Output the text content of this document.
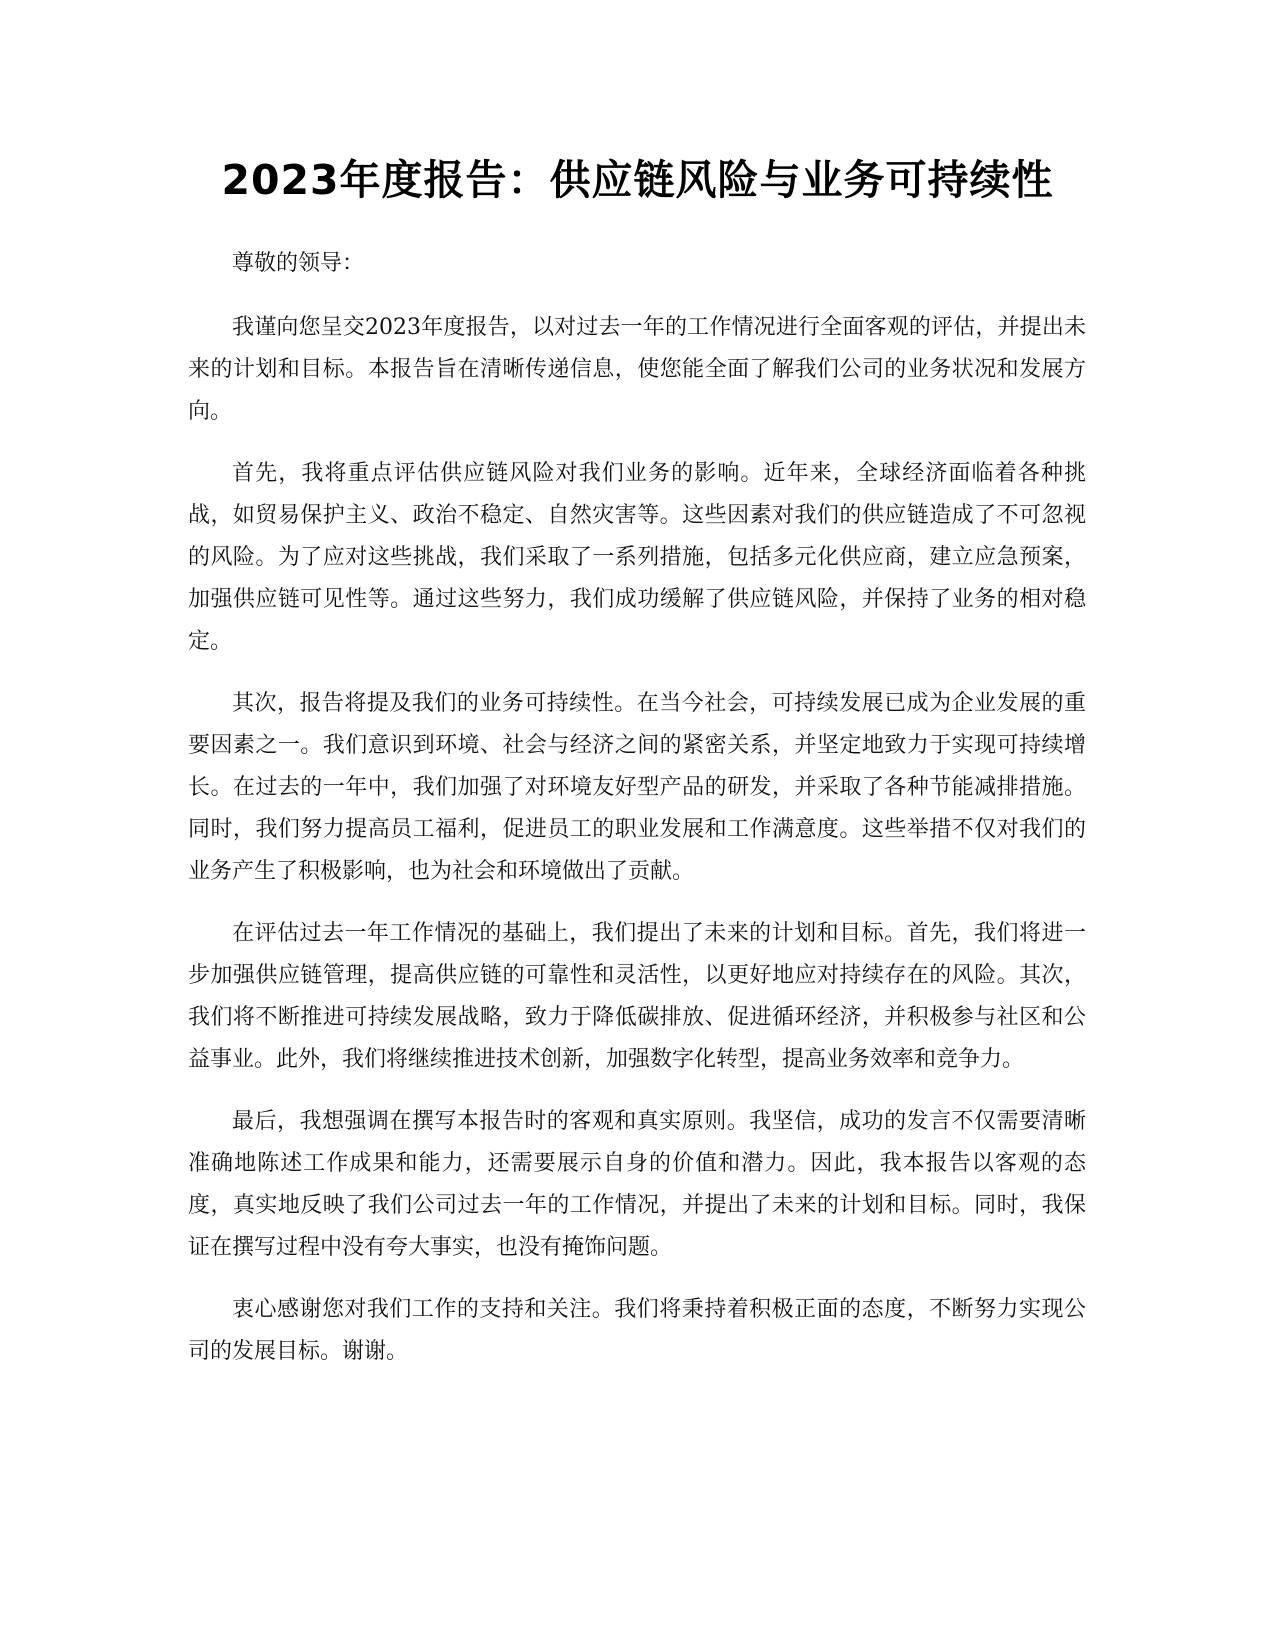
2023年度报告：供应链风险与业务可持续性

尊敬的领导：

我谨向您呈交2023年度报告，以对过去一年的工作情况进行全面客观的评估，并提出未来的计划和目标。本报告旨在清晰传递信息，使您能全面了解我们公司的业务状况和发展方向。

首先，我将重点评估供应链风险对我们业务的影响。近年来，全球经济面临着各种挑战，如贸易保护主义、政治不稳定、自然灾害等。这些因素对我们的供应链造成了不可忽视的风险。为了应对这些挑战，我们采取了一系列措施，包括多元化供应商，建立应急预案，加强供应链可见性等。通过这些努力，我们成功缓解了供应链风险，并保持了业务的相对稳定。

其次，报告将提及我们的业务可持续性。在当今社会，可持续发展已成为企业发展的重要因素之一。我们意识到环境、社会与经济之间的紧密关系，并坚定地致力于实现可持续增长。在过去的一年中，我们加强了对环境友好型产品的研发，并采取了各种节能减排措施。同时，我们努力提高员工福利，促进员工的职业发展和工作满意度。这些举措不仅对我们的业务产生了积极影响，也为社会和环境做出了贡献。

在评估过去一年工作情况的基础上，我们提出了未来的计划和目标。首先，我们将进一步加强供应链管理，提高供应链的可靠性和灵活性，以更好地应对持续存在的风险。其次，我们将不断推进可持续发展战略，致力于降低碳排放、促进循环经济，并积极参与社区和公益事业。此外，我们将继续推进技术创新，加强数字化转型，提高业务效率和竞争力。

最后，我想强调在撰写本报告时的客观和真实原则。我坚信，成功的发言不仅需要清晰准确地陈述工作成果和能力，还需要展示自身的价值和潜力。因此，我本报告以客观的态度，真实地反映了我们公司过去一年的工作情况，并提出了未来的计划和目标。同时，我保证在撰写过程中没有夸大事实，也没有掩饰问题。

衷心感谢您对我们工作的支持和关注。我们将秉持着积极正面的态度，不断努力实现公司的发展目标。谢谢。
